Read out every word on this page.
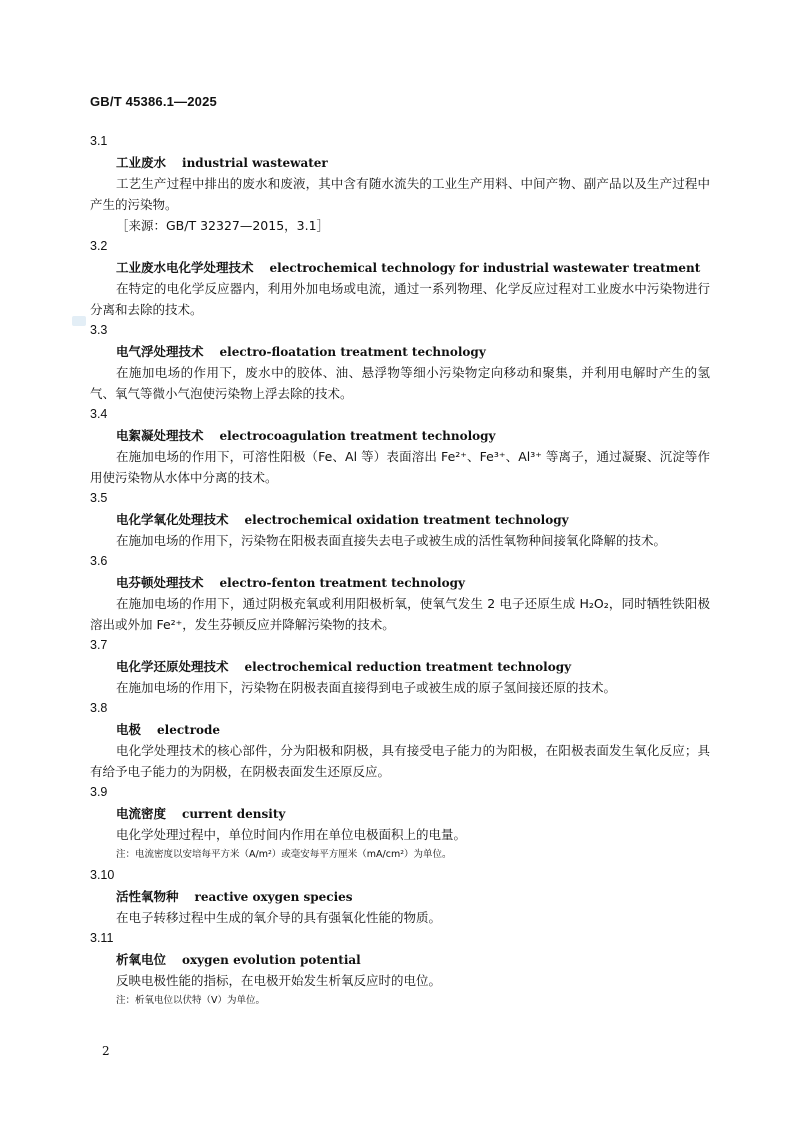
GB/T 45386.1—2025
3.1
工业废水 industrial wastewater

工艺生产过程中排出的废水和废液，其中含有随水流失的工业生产用料、中间产物、副产品以及生产过程中产生的污染物。

［来源：GB/T 32327—2015，3.1］

3.2
工业废水电化学处理技术 electrochemical technology for industrial wastewater treatment

在特定的电化学反应器内，利用外加电场或电流，通过一系列物理、化学反应过程对工业废水中污染物进行分离和去除的技术。

3.3
电气浮处理技术 electro-floatation treatment technology

在施加电场的作用下，废水中的胶体、油、悬浮物等细小污染物定向移动和聚集，并利用电解时产生的氢气、氧气等微小气泡使污染物上浮去除的技术。

3.4
电絮凝处理技术 electrocoagulation treatment technology

在施加电场的作用下，可溶性阳极（Fe、Al 等）表面溶出 Fe²⁺、Fe³⁺、Al³⁺ 等离子，通过凝聚、沉淀等作用使污染物从水体中分离的技术。

3.5
电化学氧化处理技术 electrochemical oxidation treatment technology

在施加电场的作用下，污染物在阳极表面直接失去电子或被生成的活性氧物种间接氧化降解的技术。

3.6
电芬顿处理技术 electro-fenton treatment technology

在施加电场的作用下，通过阴极充氧或利用阳极析氧，使氧气发生 2 电子还原生成 H₂O₂，同时牺牲铁阳极溶出或外加 Fe²⁺，发生芬顿反应并降解污染物的技术。

3.7
电化学还原处理技术 electrochemical reduction treatment technology

在施加电场的作用下，污染物在阴极表面直接得到电子或被生成的原子氢间接还原的技术。

3.8
电极 electrode

电化学处理技术的核心部件，分为阳极和阴极，具有接受电子能力的为阳极，在阳极表面发生氧化反应；具有给予电子能力的为阴极，在阴极表面发生还原反应。

3.9
电流密度 current density

电化学处理过程中，单位时间内作用在单位电极面积上的电量。

注：电流密度以安培每平方米（A/m²）或毫安每平方厘米（mA/cm²）为单位。

3.10
活性氧物种 reactive oxygen species

在电子转移过程中生成的氧介导的具有强氧化性能的物质。

3.11
析氧电位 oxygen evolution potential

反映电极性能的指标，在电极开始发生析氧反应时的电位。

注：析氧电位以伏特（V）为单位。

2
